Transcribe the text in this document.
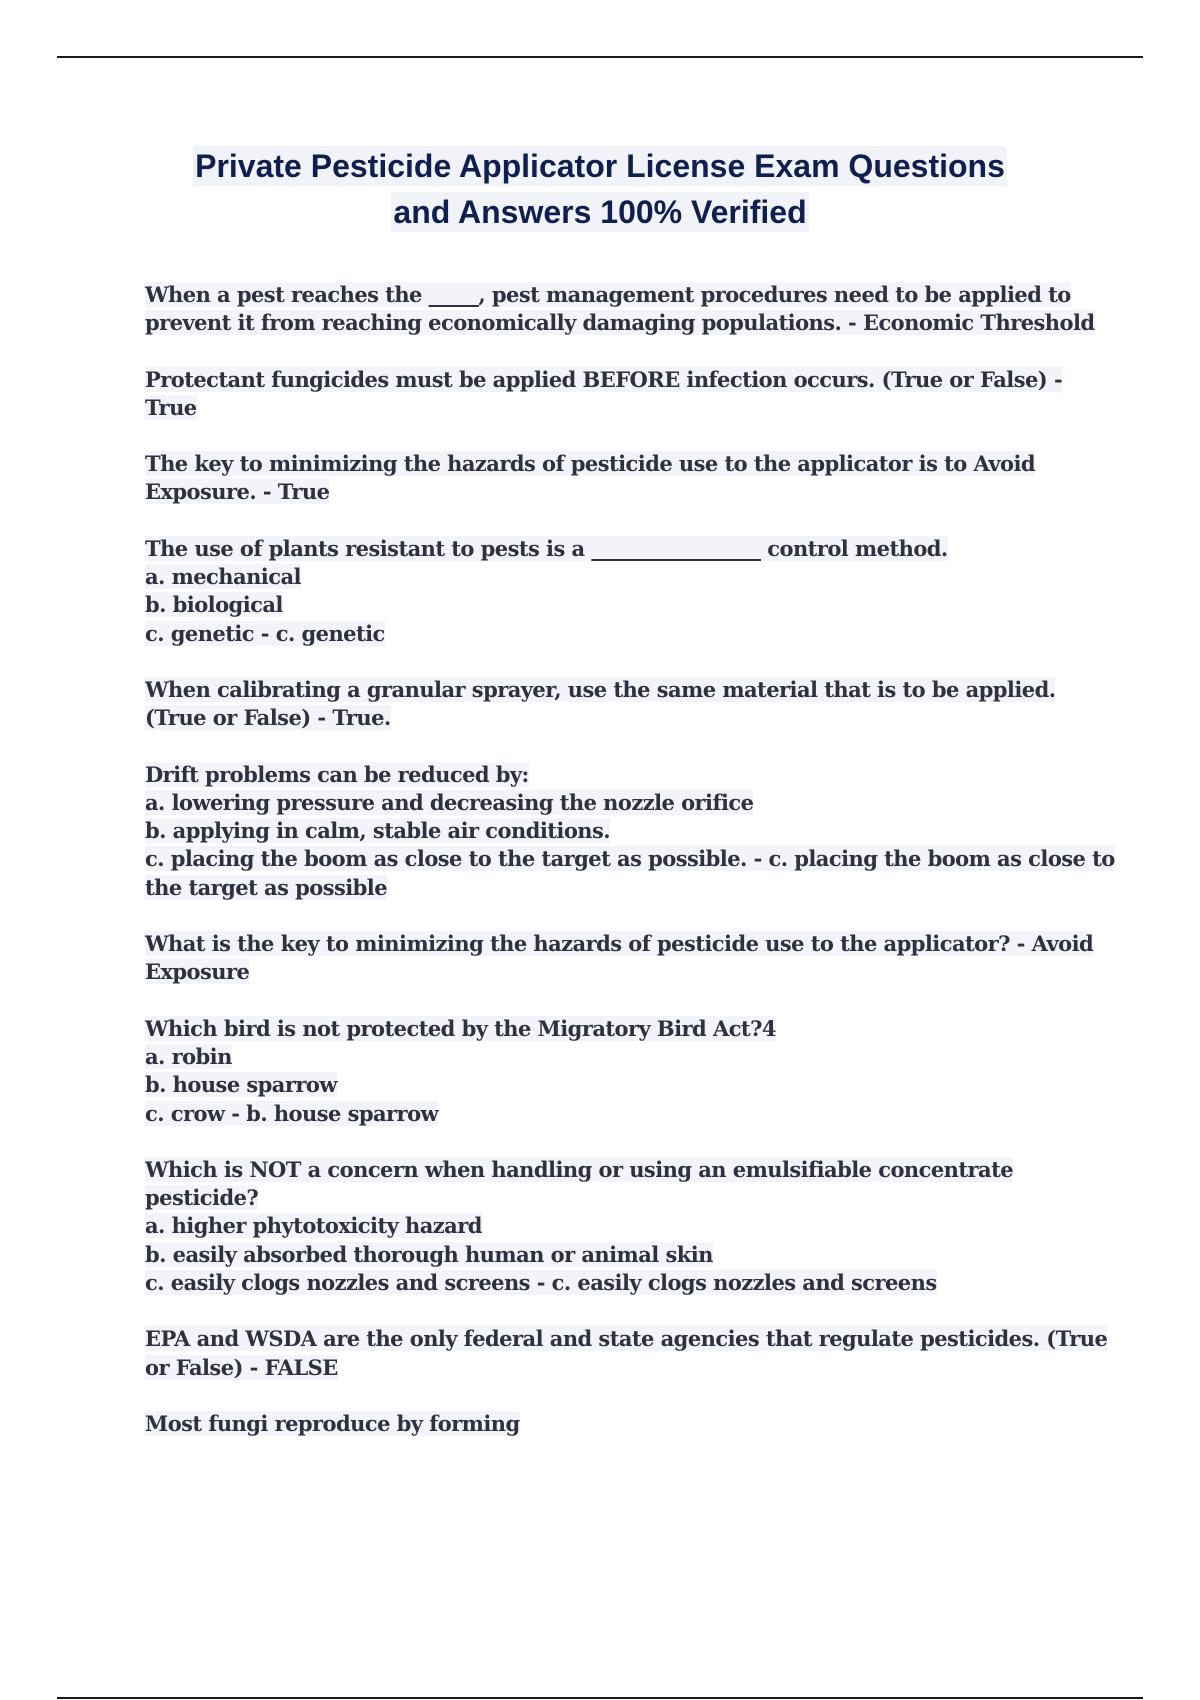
Private Pesticide Applicator License Exam Questions
and Answers 100% Verified
When a pest reaches the _____, pest management procedures need to be applied to
prevent it from reaching economically damaging populations. - Economic Threshold
Protectant fungicides must be applied BEFORE infection occurs. (True or False) -
True
The key to minimizing the hazards of pesticide use to the applicator is to Avoid
Exposure. - True
The use of plants resistant to pests is a _________________ control method.
a. mechanical
b. biological
c. genetic - c. genetic
When calibrating a granular sprayer, use the same material that is to be applied.
(True or False) - True.
Drift problems can be reduced by:
a. lowering pressure and decreasing the nozzle orifice
b. applying in calm, stable air conditions.
c. placing the boom as close to the target as possible. - c. placing the boom as close to
the target as possible
What is the key to minimizing the hazards of pesticide use to the applicator? - Avoid
Exposure
Which bird is not protected by the Migratory Bird Act?4
a. robin
b. house sparrow
c. crow - b. house sparrow
Which is NOT a concern when handling or using an emulsifiable concentrate
pesticide?
a. higher phytotoxicity hazard
b. easily absorbed thorough human or animal skin
c. easily clogs nozzles and screens - c. easily clogs nozzles and screens
EPA and WSDA are the only federal and state agencies that regulate pesticides. (True
or False) - FALSE
Most fungi reproduce by forming
